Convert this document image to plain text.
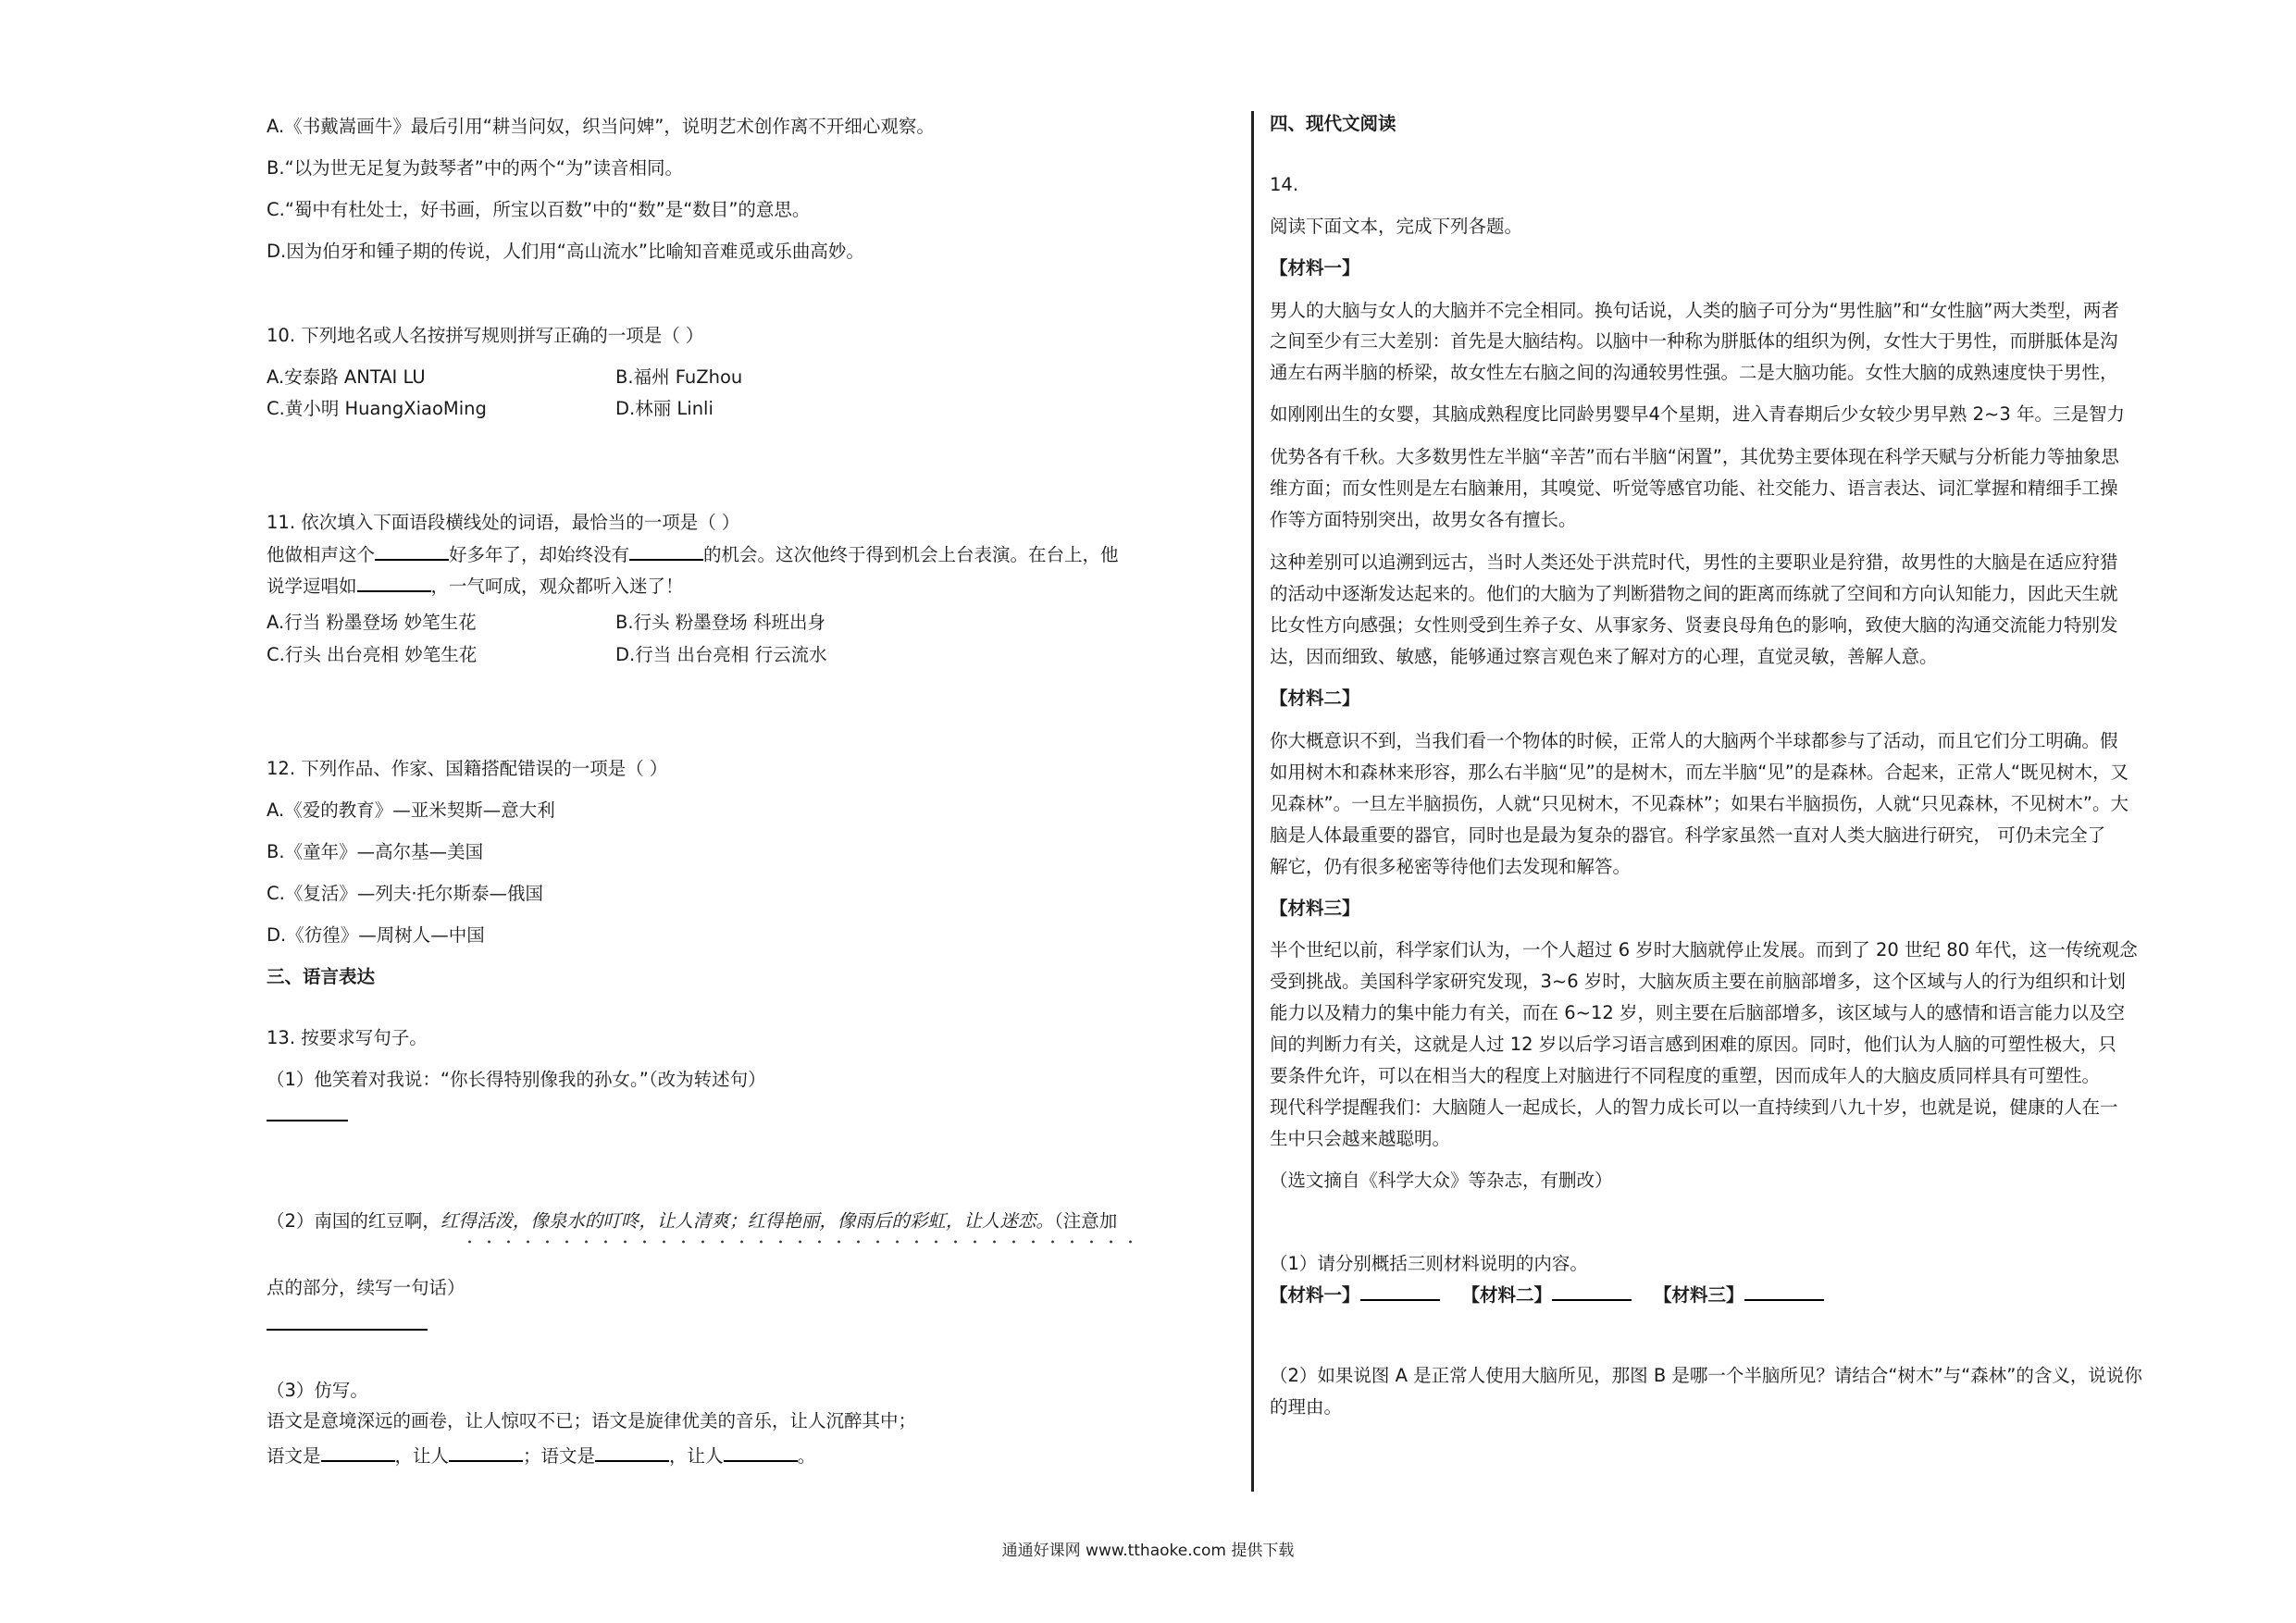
A.《书戴嵩画牛》最后引用“耕当问奴，织当问婢”，说明艺术创作离不开细心观察。
B.“以为世无足复为鼓琴者”中的两个“为”读音相同。
C.“蜀中有杜处士，好书画，所宝以百数”中的“数”是“数目”的意思。
D.因为伯牙和锺子期的传说，人们用“高山流水”比喻知音难觅或乐曲高妙。
10. 下列地名或人名按拼写规则拼写正确的一项是（ ）
A.安泰路 ANTAI LU	B.福州 FuZhou
C.黄小明 HuangXiaoMing	D.林丽 Linli
11. 依次填入下面语段横线处的词语，最恰当的一项是（ ）
他做相声这个	好多年了，却始终没有	的机会。这次他终于得到机会上台表演。在台上，他
说学逗唱如	，一气呵成，观众都听入迷了！
A.行当 粉墨登场 妙笔生花	B.行头 粉墨登场 科班出身
C.行头 出台亮相 妙笔生花	D.行当 出台亮相 行云流水
12. 下列作品、作家、国籍搭配错误的一项是（ ）
A.《爱的教育》—亚米契斯—意大利
B.《童年》—高尔基—美国
C.《复活》—列夫·托尔斯泰—俄国
D.《彷徨》—周树人—中国
三、语言表达
13. 按要求写句子。
（1）他笑着对我说：“你长得特别像我的孙女。”（改为转述句）
（2）南国的红豆啊，红得活泼，像泉水的叮咚，让人清爽；红得艳丽，像雨后的彩虹，让人迷恋。（注意加
点的部分，续写一句话）
（3）仿写。
语文是意境深远的画卷，让人惊叹不已；语文是旋律优美的音乐，让人沉醉其中；
语文是	，让人	；语文是	，让人	。
四、现代文阅读
14.
阅读下面文本，完成下列各题。
【材料一】
男人的大脑与女人的大脑并不完全相同。换句话说，人类的脑子可分为“男性脑”和“女性脑”两大类型，两者
之间至少有三大差别：首先是大脑结构。以脑中一种称为胼胝体的组织为例，女性大于男性，而胼胝体是沟
通左右两半脑的桥梁，故女性左右脑之间的沟通较男性强。二是大脑功能。女性大脑的成熟速度快于男性，
如刚刚出生的女婴，其脑成熟程度比同龄男婴早4个星期，进入青春期后少女较少男早熟 2~3 年。三是智力
优势各有千秋。大多数男性左半脑“辛苦”而右半脑“闲置”，其优势主要体现在科学天赋与分析能力等抽象思
维方面；而女性则是左右脑兼用，其嗅觉、听觉等感官功能、社交能力、语言表达、词汇掌握和精细手工操
作等方面特别突出，故男女各有擅长。
这种差别可以追溯到远古，当时人类还处于洪荒时代，男性的主要职业是狩猎，故男性的大脑是在适应狩猎
的活动中逐渐发达起来的。他们的大脑为了判断猎物之间的距离而练就了空间和方向认知能力，因此天生就
比女性方向感强；女性则受到生养子女、从事家务、贤妻良母角色的影响，致使大脑的沟通交流能力特别发
达，因而细致、敏感，能够通过察言观色来了解对方的心理，直觉灵敏，善解人意。
【材料二】
你大概意识不到，当我们看一个物体的时候，正常人的大脑两个半球都参与了活动，而且它们分工明确。假
如用树木和森林来形容，那么右半脑“见”的是树木，而左半脑“见”的是森林。合起来，正常人“既见树木，又
见森林”。一旦左半脑损伤，人就“只见树木，不见森林”；如果右半脑损伤，人就“只见森林，不见树木”。大
脑是人体最重要的器官，同时也是最为复杂的器官。科学家虽然一直对人类大脑进行研究， 可仍未完全了
解它，仍有很多秘密等待他们去发现和解答。
【材料三】
半个世纪以前，科学家们认为，一个人超过 6 岁时大脑就停止发展。而到了 20 世纪 80 年代，这一传统观念
受到挑战。美国科学家研究发现，3~6 岁时，大脑灰质主要在前脑部增多，这个区域与人的行为组织和计划
能力以及精力的集中能力有关，而在 6~12 岁，则主要在后脑部增多，该区域与人的感情和语言能力以及空
间的判断力有关，这就是人过 12 岁以后学习语言感到困难的原因。同时，他们认为人脑的可塑性极大，只
要条件允许，可以在相当大的程度上对脑进行不同程度的重塑，因而成年人的大脑皮质同样具有可塑性。
现代科学提醒我们：大脑随人一起成长，人的智力成长可以一直持续到八九十岁，也就是说，健康的人在一
生中只会越来越聪明。
（选文摘自《科学大众》等杂志，有删改）
（1）请分别概括三则材料说明的内容。
【材料一】	【材料二】	【材料三】
（2）如果说图 A 是正常人使用大脑所见，那图 B 是哪一个半脑所见？请结合“树木”与“森林”的含义，说说你
的理由。
通通好课网 www.tthaoke.com 提供下载
